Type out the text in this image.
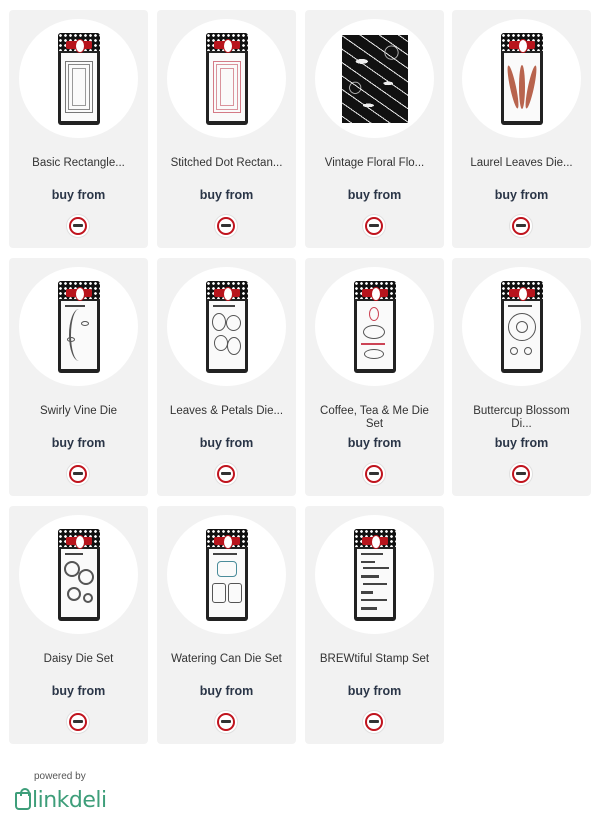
Basic Rectangle...
buy from
Stitched Dot Rectan...
buy from
Vintage Floral Flo...
buy from
Laurel Leaves Die...
buy from
Swirly Vine Die
buy from
Leaves & Petals Die...
buy from
Coffee, Tea & Me Die Set
buy from
Buttercup Blossom Di...
buy from
Daisy Die Set
buy from
Watering Can Die Set
buy from
BREWtiful Stamp Set
buy from
powered by
linkdeli
